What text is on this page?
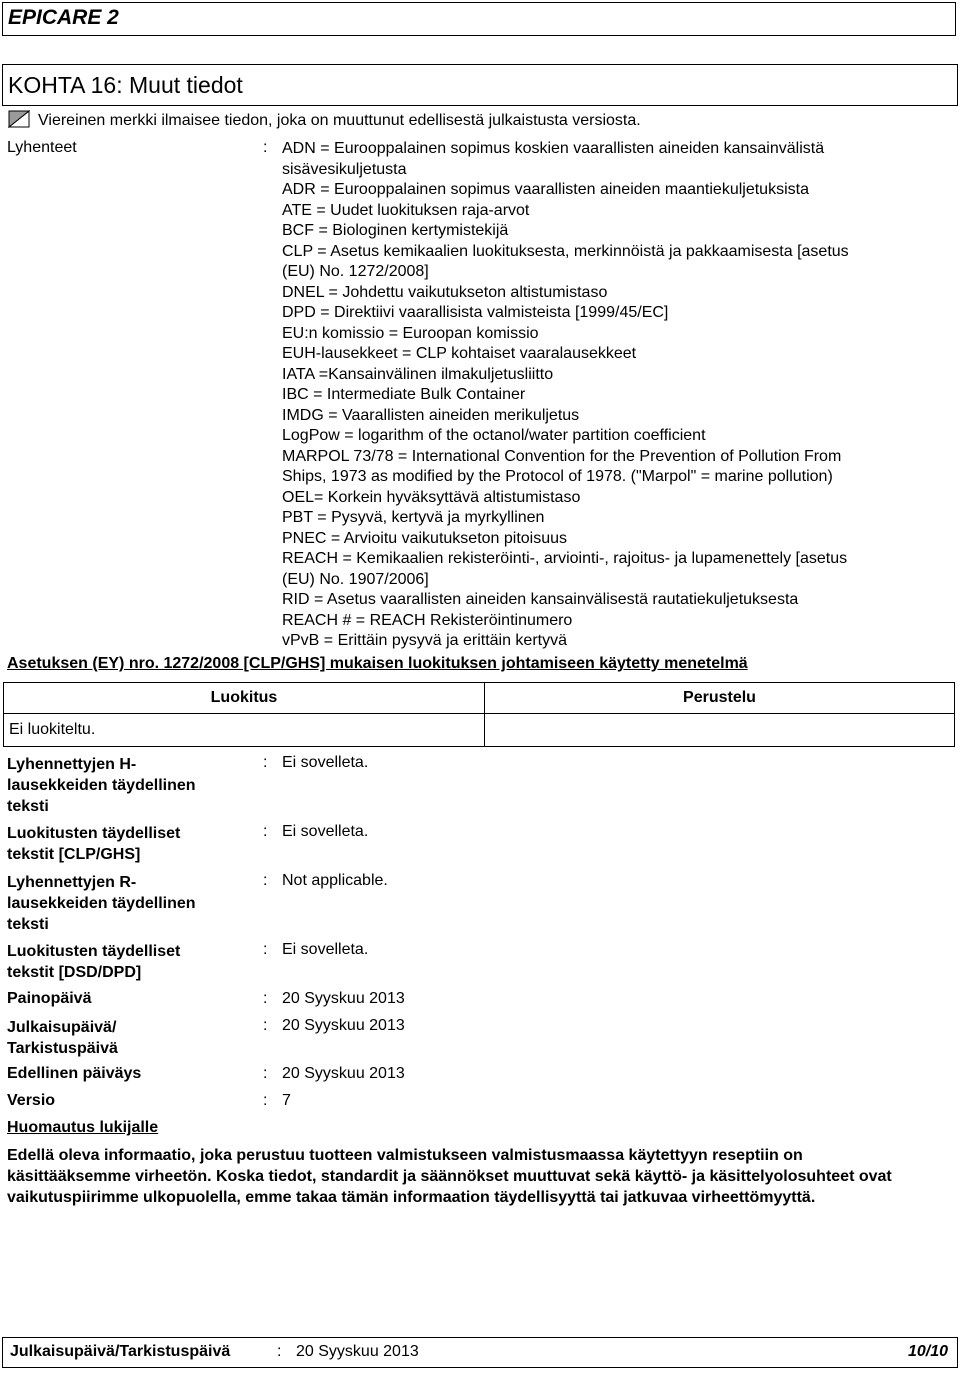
EPICARE 2
KOHTA 16: Muut tiedot
Viereinen merkki ilmaisee tiedon, joka on muuttunut edellisestä julkaistusta versiosta.
Lyhenteet	: ADN = Eurooppalainen sopimus koskien vaarallisten aineiden kansainvälistä
sisävesikuljetusta
ADR = Eurooppalainen sopimus vaarallisten aineiden maantiekuljetuksista
ATE = Uudet luokituksen raja-arvot
BCF = Biologinen kertymistekijä
CLP = Asetus kemikaalien luokituksesta, merkinnöistä ja pakkaamisesta [asetus
(EU) No. 1272/2008]
DNEL = Johdettu vaikutukseton altistumistaso
DPD = Direktiivi vaarallisista valmisteista [1999/45/EC]
EU:n komissio = Euroopan komissio
EUH-lausekkeet = CLP kohtaiset vaaralausekkeet
IATA =Kansainvälinen ilmakuljetusliitto
IBC = Intermediate Bulk Container
IMDG = Vaarallisten aineiden merikuljetus
LogPow = logarithm of the octanol/water partition coefficient
MARPOL 73/78 = International Convention for the Prevention of Pollution From
Ships, 1973 as modified by the Protocol of 1978. ("Marpol" = marine pollution)
OEL= Korkein hyväksyttävä altistumistaso
PBT = Pysyvä, kertyvä ja myrkyllinen
PNEC = Arvioitu vaikutukseton pitoisuus
REACH = Kemikaalien rekisteröinti-, arviointi-, rajoitus- ja lupamenettely [asetus
(EU) No. 1907/2006]
RID = Asetus vaarallisten aineiden kansainvälisestä rautatiekuljetuksesta
REACH # = REACH Rekisteröintinumero
vPvB = Erittäin pysyvä ja erittäin kertyvä
Asetuksen (EY) nro. 1272/2008 [CLP/GHS] mukaisen luokituksen johtamiseen käytetty menetelmä
Luokitus	Perustelu
Ei luokiteltu.	
Lyhennettyjen H-
lausekkeiden täydellinen
teksti
: Ei sovelleta.
Luokitusten täydelliset
tekstit [CLP/GHS]
: Ei sovelleta.
Lyhennettyjen R-
lausekkeiden täydellinen
teksti
: Not applicable.
Luokitusten täydelliset
tekstit [DSD/DPD]
: Ei sovelleta.
Painopäivä	: 20 Syyskuu 2013
Julkaisupäivä/
Tarkistuspäivä
: 20 Syyskuu 2013
Edellinen päiväys	: 20 Syyskuu 2013
Versio	: 7
Huomautus lukijalle
Edellä oleva informaatio, joka perustuu tuotteen valmistukseen valmistusmaassa käytettyyn reseptiin on käsittääksemme virheetön. Koska tiedot, standardit ja säännökset muuttuvat sekä käyttö- ja käsittelyolosuhteet ovat vaikutuspiirimme ulkopuolella, emme takaa tämän informaation täydellisyyttä tai jatkuvaa virheettömyyttä.
Julkaisupäivä/Tarkistuspäivä	: 20 Syyskuu 2013	10/10
